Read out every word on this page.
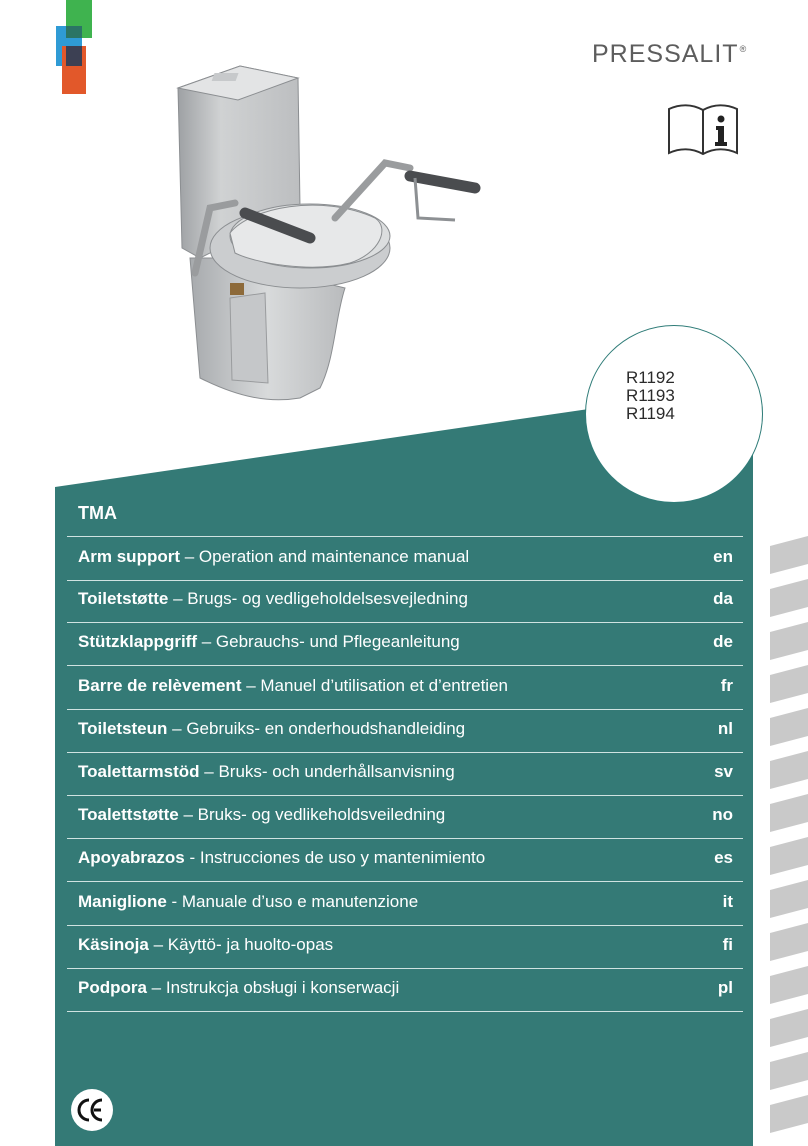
PRESSALIT®
R1192
R1193
R1194
TMA
Arm support – Operation and maintenance manual	en
Toiletstøtte – Brugs- og vedligeholdelsesvejledning	da
Stützklappgriff – Gebrauchs- und Pflegeanleitung	de
Barre de relèvement – Manuel d’utilisation et d’entretien	fr
Toiletsteun – Gebruiks- en onderhoudshandleiding	nl
Toalettarmstöd – Bruks- och underhållsanvisning	sv
Toalettstøtte – Bruks- og vedlikeholdsveiledning	no
Apoyabrazos - Instrucciones de uso y mantenimiento	es
Maniglione - Manuale d’uso e manutenzione	it
Käsinoja – Käyttö- ja huolto-opas	fi
Podpora – Instrukcja obsługi i konserwacji	pl
